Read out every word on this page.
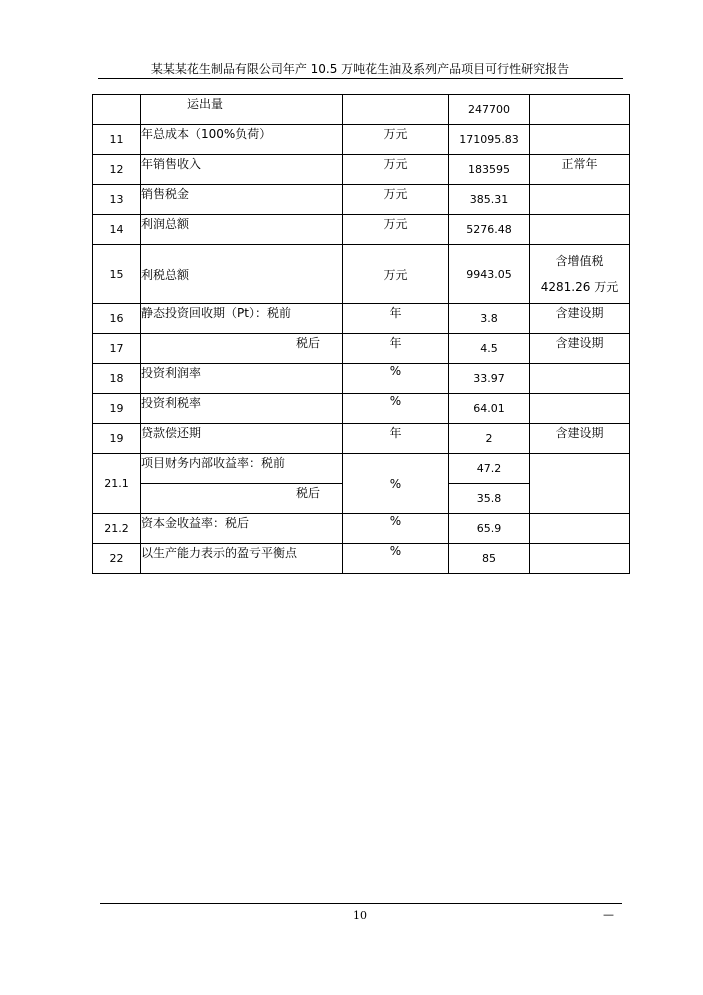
某某某花生制品有限公司年产 10.5 万吨花生油及系列产品项目可行性研究报告
	运出量		247700	
11	年总成本（100%负荷）	万元	171095.83	
12	年销售收入	万元	183595	正常年
13	销售税金	万元	385.31	
14	利润总额	万元	5276.48	
15	利税总额	万元	9943.05	含增值税
4281.26 万元

16	静态投资回收期（Pt）：税前	年	3.8	含建设期
17	税后	年	4.5	含建设期
18	投资利润率	%	33.97	
19	投资利税率	%	64.01	
19	贷款偿还期	年	2	含建设期
21.1	项目财务内部收益率：税前	%	47.2	
	税后		35.8	
21.2	资本金收益率：税后	%	65.9	
22	以生产能力表示的盈亏平衡点	%	85	
10	—
